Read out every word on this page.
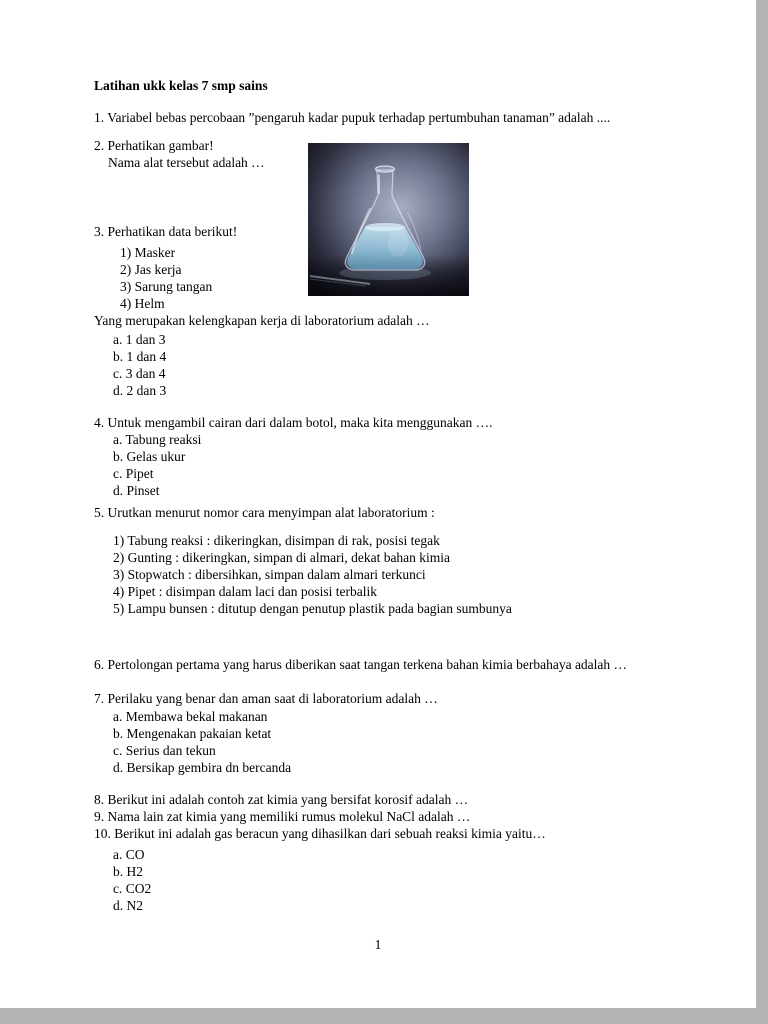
Latihan ukk kelas 7 smp sains
1. Variabel bebas percobaan ”pengaruh kadar pupuk terhadap pertumbuhan tanaman” adalah ....
2. Perhatikan gambar!
Nama alat tersebut adalah …
3. Perhatikan data berikut!
1) Masker
2) Jas kerja
3) Sarung tangan
4) Helm
Yang merupakan kelengkapan kerja di laboratorium adalah …
a. 1 dan 3
b. 1 dan 4
c. 3 dan 4
d. 2 dan 3
4. Untuk mengambil cairan dari dalam botol, maka kita menggunakan ….
a. Tabung reaksi
b. Gelas ukur
c. Pipet
d. Pinset
5. Urutkan menurut nomor cara menyimpan alat laboratorium :
1) Tabung reaksi : dikeringkan, disimpan di rak, posisi tegak
2) Gunting : dikeringkan, simpan di almari, dekat bahan kimia
3) Stopwatch : dibersihkan, simpan dalam almari terkunci
4) Pipet : disimpan dalam laci dan posisi terbalik
5) Lampu bunsen : ditutup dengan penutup plastik pada bagian sumbunya
6. Pertolongan pertama yang harus diberikan saat tangan terkena bahan kimia berbahaya adalah …
7. Perilaku yang benar dan aman saat di laboratorium adalah …
a. Membawa bekal makanan
b. Mengenakan pakaian ketat
c. Serius dan tekun
d. Bersikap gembira dn bercanda
8. Berikut ini adalah contoh zat kimia yang bersifat korosif adalah …
9. Nama lain zat kimia yang memiliki rumus molekul NaCl adalah …
10. Berikut ini adalah gas beracun yang dihasilkan dari sebuah reaksi kimia yaitu…
a. CO
b. H2
c. CO2
d. N2
1
